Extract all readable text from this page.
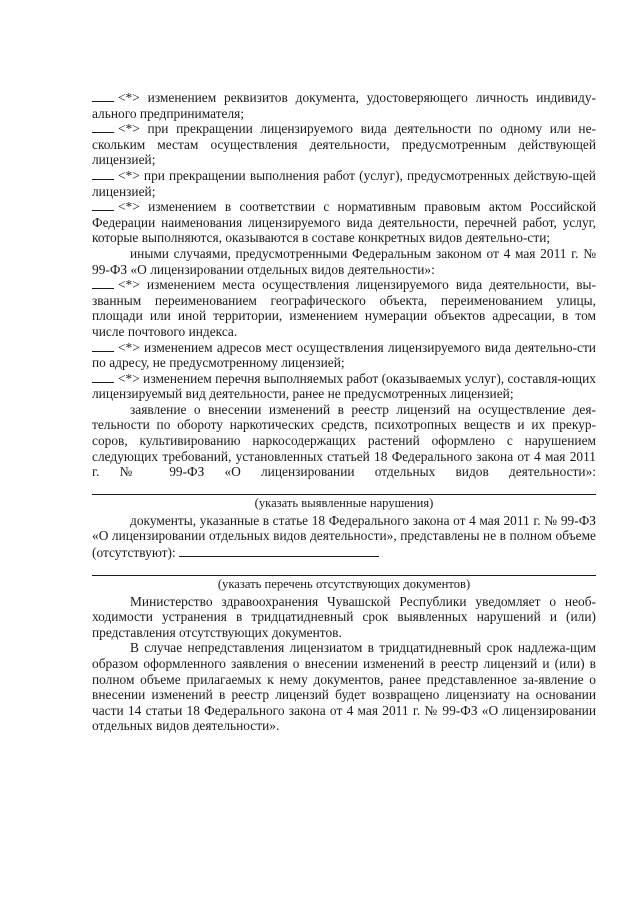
<*> изменением реквизитов документа, удостоверяющего личность индивиду-ального предпринимателя;

<*> при прекращении лицензируемого вида деятельности по одному или не-скольким местам осуществления деятельности, предусмотренным действующей лицензией;

<*> при прекращении выполнения работ (услуг), предусмотренных действую-щей лицензией;

<*> изменением в соответствии с нормативным правовым актом Российской Федерации наименования лицензируемого вида деятельности, перечней работ, услуг, которые выполняются, оказываются в составе конкретных видов деятельно-сти;

иными случаями, предусмотренными Федеральным законом от 4 мая 2011 г. № 99-ФЗ «О лицензировании отдельных видов деятельности»:

<*> изменением места осуществления лицензируемого вида деятельности, вы-званным переименованием географического объекта, переименованием улицы, площади или иной территории, изменением нумерации объектов адресации, в том числе почтового индекса.

<*> изменением адресов мест осуществления лицензируемого вида деятельно-сти по адресу, не предусмотренному лицензией;

<*> изменением перечня выполняемых работ (оказываемых услуг), составля-ющих лицензируемый вид деятельности, ранее не предусмотренных лицензией;

заявление о внесении изменений в реестр лицензий на осуществление дея-тельности по обороту наркотических средств, психотропных веществ и их прекур-соров, культивированию наркосодержащих растений оформлено с нарушением следующих требований, установленных статьей 18 Федерального закона от 4 мая 2011 г. № 99-ФЗ «О лицензировании отдельных видов деятельности»:

(указать выявленные нарушения)

документы, указанные в статье 18 Федерального закона от 4 мая 2011 г. № 99-ФЗ «О лицензировании отдельных видов деятельности», представлены не в полном объеме (отсутствуют):

(указать перечень отсутствующих документов)

Министерство здравоохранения Чувашской Республики уведомляет о необ-ходимости устранения в тридцатидневный срок выявленных нарушений и (или) представления отсутствующих документов.

В случае непредставления лицензиатом в тридцатидневный срок надлежа-щим образом оформленного заявления о внесении изменений в реестр лицензий и (или) в полном объеме прилагаемых к нему документов, ранее представленное за-явление о внесении изменений в реестр лицензий будет возвращено лицензиату на основании части 14 статьи 18 Федерального закона от 4 мая 2011 г. № 99-ФЗ «О лицензировании отдельных видов деятельности».
